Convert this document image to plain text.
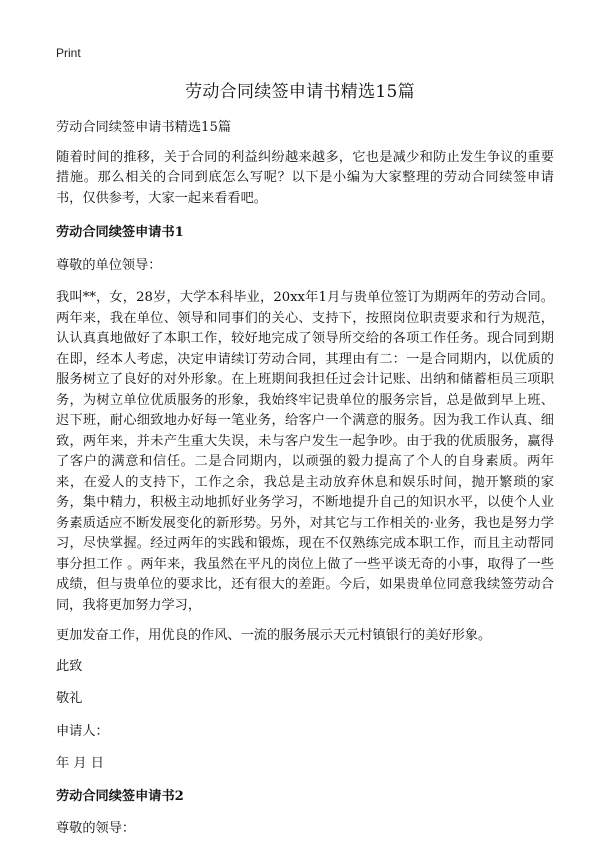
Print
劳动合同续签申请书精选15篇

劳动合同续签申请书精选15篇

随着时间的推移，关于合同的利益纠纷越来越多，它也是减少和防止发生争议的重要措施。那么相关的合同到底怎么写呢？以下是小编为大家整理的劳动合同续签申请书，仅供参考，大家一起来看看吧。

劳动合同续签申请书1

尊敬的单位领导：

我叫**，女，28岁，大学本科毕业，20xx年1月与贵单位签订为期两年的劳动合同。两年来，我在单位、领导和同事们的关心、支持下，按照岗位职责要求和行为规范，认认真真地做好了本职工作，较好地完成了领导所交给的各项工作任务。现合同到期在即，经本人考虑，决定申请续订劳动合同，其理由有二：一是合同期内，以优质的服务树立了良好的对外形象。在上班期间我担任过会计记账、出纳和储蓄柜员三项职务，为树立单位优质服务的形象，我始终牢记贵单位的服务宗旨，总是做到早上班、迟下班，耐心细致地办好每一笔业务，给客户一个满意的服务。因为我工作认真、细致，两年来，并未产生重大失误，未与客户发生一起争吵。由于我的优质服务，赢得了客户的满意和信任。二是合同期内，以顽强的毅力提高了个人的自身素质。两年来，在爱人的支持下，工作之余，我总是主动放弃休息和娱乐时间，抛开繁琐的家务，集中精力，积极主动地抓好业务学习，不断地提升自己的知识水平，以使个人业务素质适应不断发展变化的新形势。另外，对其它与工作相关的·业务，我也是努力学习，尽快掌握。经过两年的实践和锻炼，现在不仅熟练完成本职工作，而且主动帮同事分担工作 。两年来，我虽然在平凡的岗位上做了一些平谈无奇的小事，取得了一些成绩，但与贵单位的要求比，还有很大的差距。今后，如果贵单位同意我续签劳动合同，我将更加努力学习，

更加发奋工作，用优良的作风、一流的服务展示天元村镇银行的美好形象。

此致

敬礼

申请人：

年 月 日

劳动合同续签申请书2

尊敬的领导：
